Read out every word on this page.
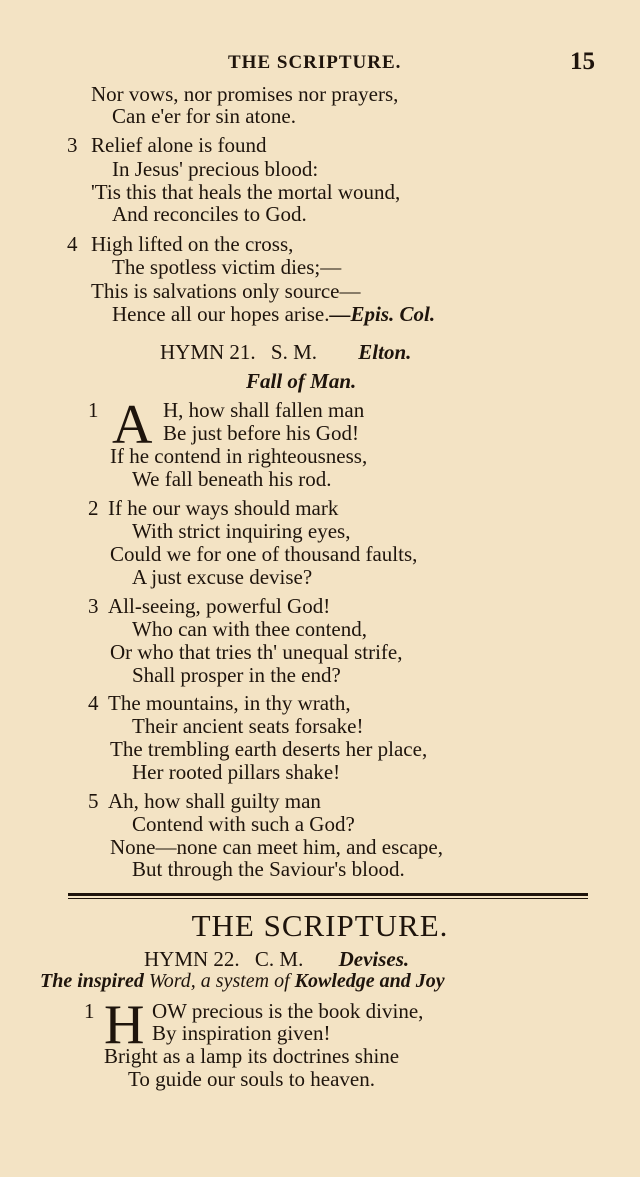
THE SCRIPTURE.	15
Nor vows, nor promises nor prayers,
Can e'er for sin atone.
3 Relief alone is found
In Jesus' precious blood:
'Tis this that heals the mortal wound,
And reconciles to God.
4 High lifted on the cross,
The spotless victim dies;—
This is salvations only source—
Hence all our hopes arise.—Epis. Col.
HYMN 21. S. M. Elton.
Fall of Man.
1 A H, how shall fallen man
Be just before his God!
If he contend in righteousness,
We fall beneath his rod.
2 If he our ways should mark
With strict inquiring eyes,
Could we for one of thousand faults,
A just excuse devise?
3 All-seeing, powerful God!
Who can with thee contend,
Or who that tries th' unequal strife,
Shall prosper in the end?
4 The mountains, in thy wrath,
Their ancient seats forsake!
The trembling earth deserts her place,
Her rooted pillars shake!
5 Ah, how shall guilty man
Contend with such a God?
None—none can meet him, and escape,
But through the Saviour's blood.
THE SCRIPTURE.
HYMN 22. C. M. Devises.
The inspired Word, a system of Kowledge and Joy
1 H OW precious is the book divine,
By inspiration given!
Bright as a lamp its doctrines shine
To guide our souls to heaven.
